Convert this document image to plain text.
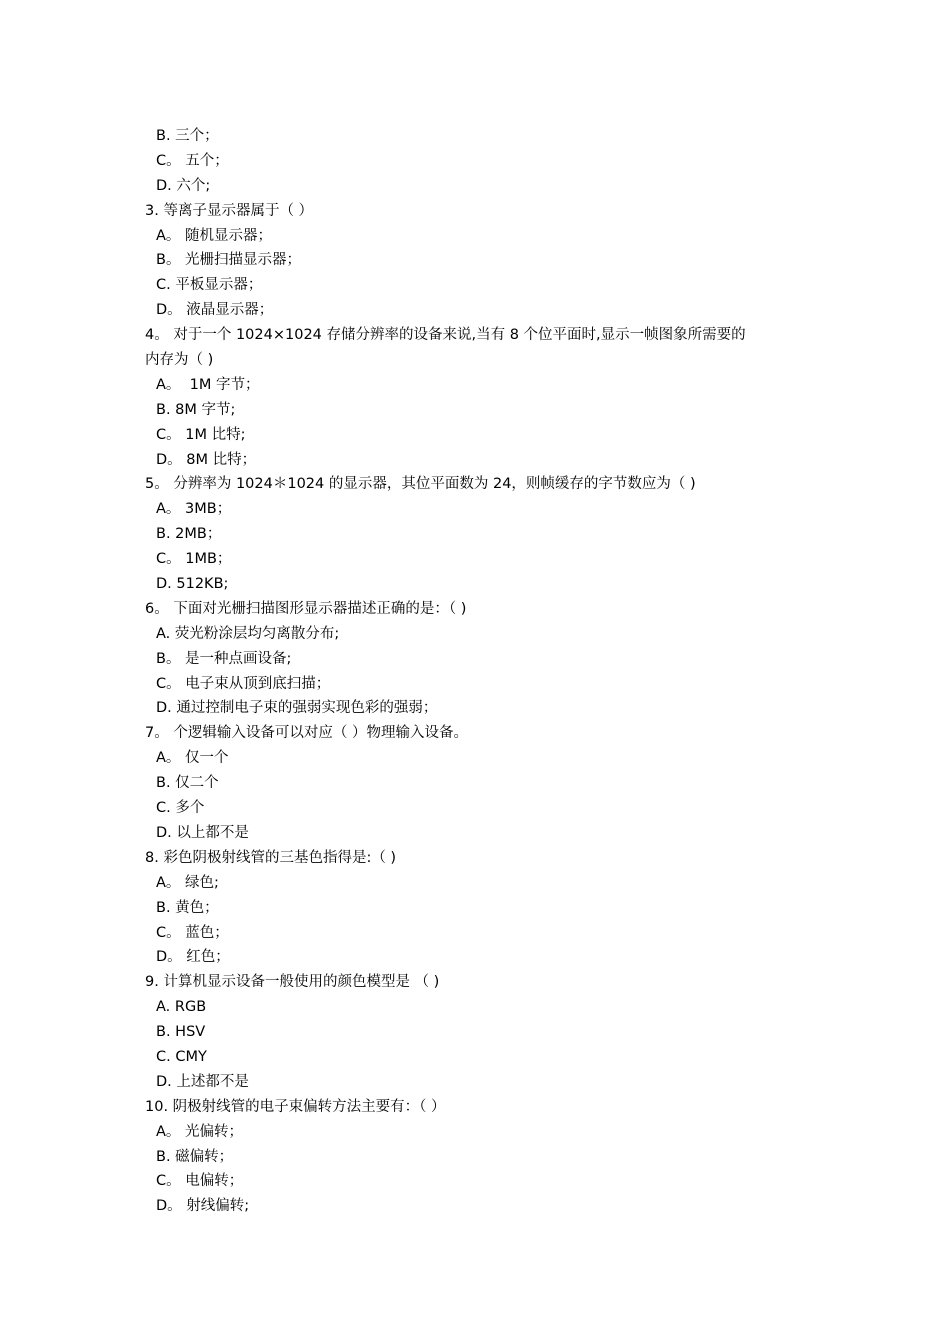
B. 三个；
C。 五个；
D. 六个;
3. 等离子显示器属于（ ）
A。 随机显示器；
B。 光栅扫描显示器；
C. 平板显示器；
D。 液晶显示器；
4。 对于一个 1024×1024 存储分辨率的设备来说,当有 8 个位平面时,显示一帧图象所需要的
内存为（ )
A。  1M 字节；
B. 8M 字节;
C。 1M 比特;
D。 8M 比特；
5。 分辨率为 1024＊1024 的显示器，其位平面数为 24，则帧缓存的字节数应为（ )
A。 3MB；
B. 2MB；
C。 1MB；
D. 512KB;
6。 下面对光栅扫描图形显示器描述正确的是：（ )
A. 荧光粉涂层均匀离散分布;
B。 是一种点画设备;
C。 电子束从顶到底扫描；
D. 通过控制电子束的强弱实现色彩的强弱；
7。 个逻辑输入设备可以对应（ ）物理输入设备。
A。 仅一个
B. 仅二个
C. 多个
D. 以上都不是
8. 彩色阴极射线管的三基色指得是:（ )
A。 绿色;
B. 黄色；
C。 蓝色；
D。 红色；
9. 计算机显示设备一般使用的颜色模型是 （ )
A. RGB
B. HSV
C. CMY
D. 上述都不是
10. 阴极射线管的电子束偏转方法主要有：（ ）
A。 光偏转；
B. 磁偏转；
C。 电偏转；
D。 射线偏转;
